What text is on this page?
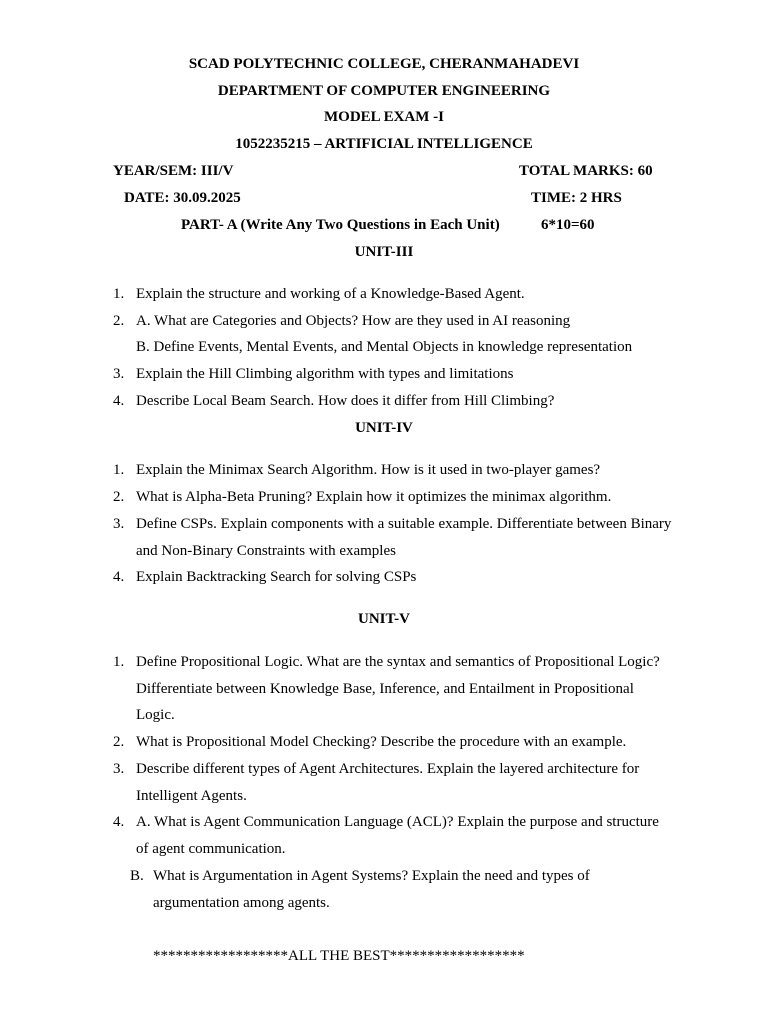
SCAD POLYTECHNIC COLLEGE, CHERANMAHADEVI
DEPARTMENT OF COMPUTER ENGINEERING
MODEL EXAM -I
1052235215 – ARTIFICIAL INTELLIGENCE
YEAR/SEM: III/V	TOTAL MARKS: 60
DATE: 30.09.2025	TIME: 2 HRS
PART- A (Write Any Two Questions in Each Unit)	6*10=60
UNIT-III
1. Explain the structure and working of a Knowledge-Based Agent.
2. A. What are Categories and Objects? How are they used in AI reasoning
B. Define Events, Mental Events, and Mental Objects in knowledge representation
3. Explain the Hill Climbing algorithm with types and limitations
4. Describe Local Beam Search. How does it differ from Hill Climbing?
UNIT-IV
1. Explain the Minimax Search Algorithm. How is it used in two-player games?
2. What is Alpha-Beta Pruning? Explain how it optimizes the minimax algorithm.
3. Define CSPs. Explain components with a suitable example. Differentiate between Binary
and Non-Binary Constraints with examples
4. Explain Backtracking Search for solving CSPs
UNIT-V
1. Define Propositional Logic. What are the syntax and semantics of Propositional Logic?
Differentiate between Knowledge Base, Inference, and Entailment in Propositional
Logic.
2. What is Propositional Model Checking? Describe the procedure with an example.
3. Describe different types of Agent Architectures. Explain the layered architecture for
Intelligent Agents.
4. A. What is Agent Communication Language (ACL)? Explain the purpose and structure
of agent communication.
B. What is Argumentation in Agent Systems? Explain the need and types of
argumentation among agents.
******************ALL THE BEST******************
